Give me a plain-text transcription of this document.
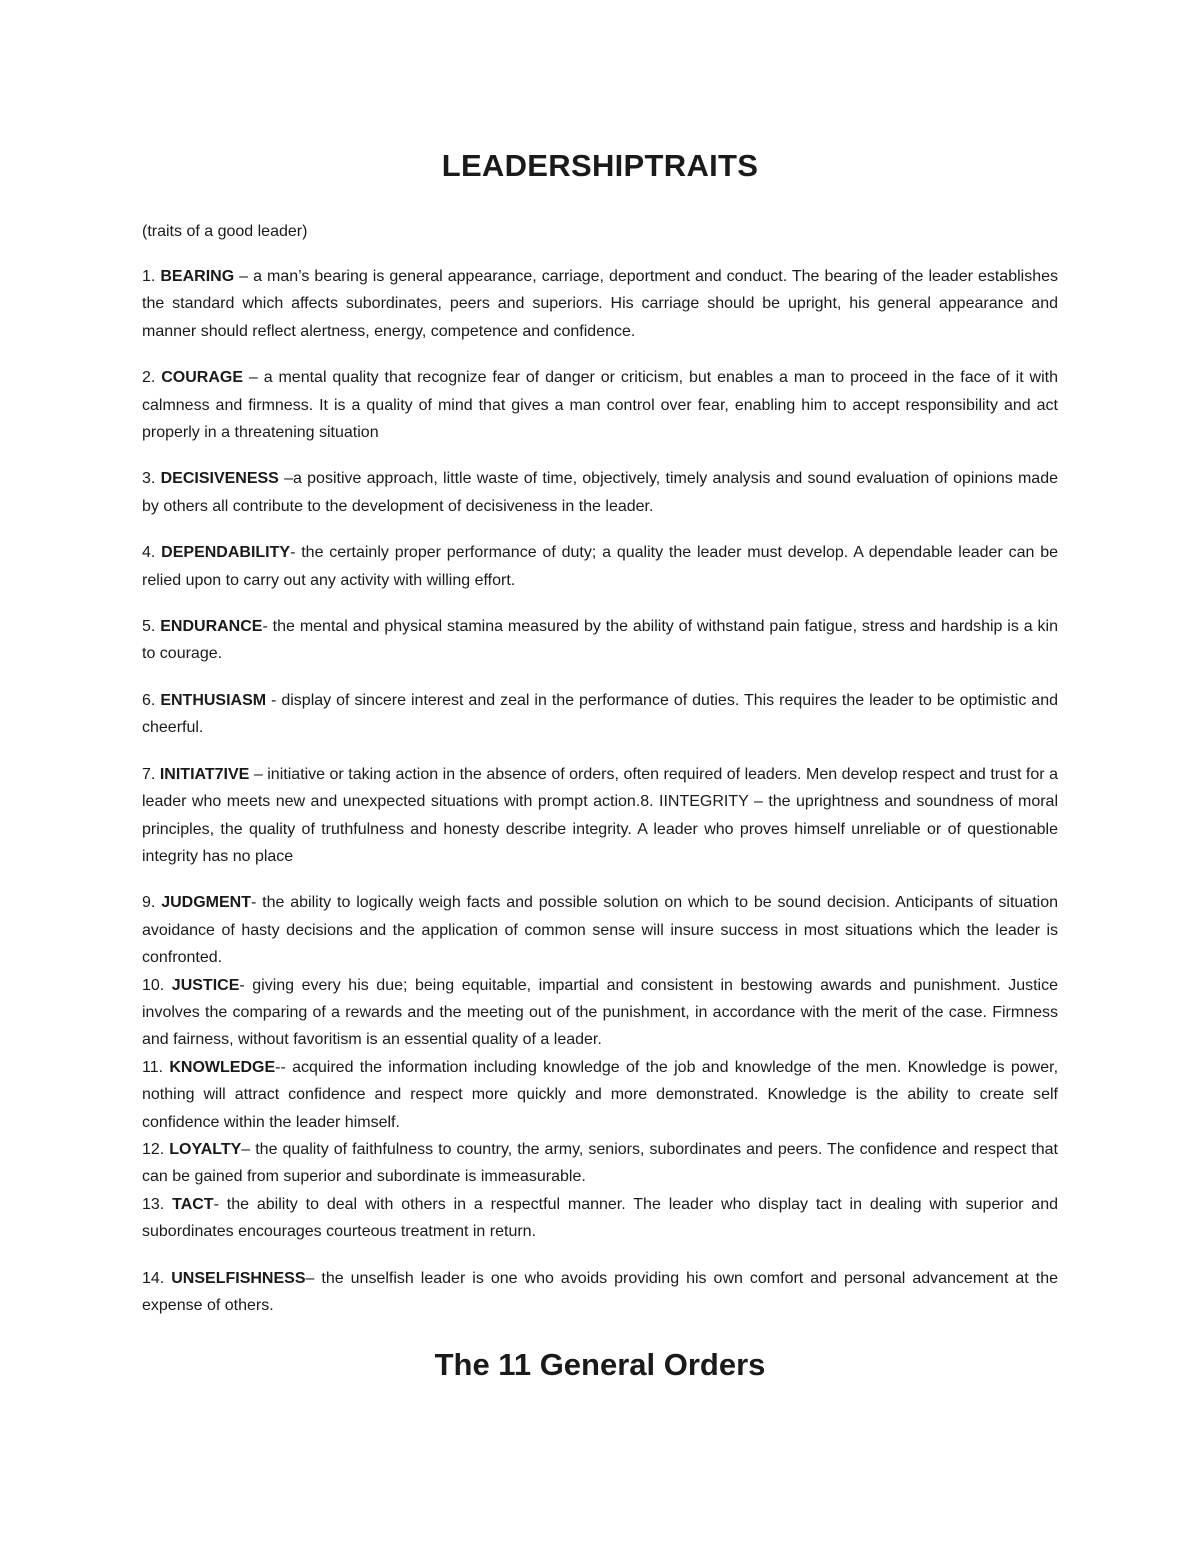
LEADERSHIPTRAITS

(traits of a good leader)

1. BEARING – a man’s bearing is general appearance, carriage, deportment and conduct. The bearing of the leader establishes the standard which affects subordinates, peers and superiors. His carriage should be upright, his general appearance and manner should reflect alertness, energy, competence and confidence.

2. COURAGE – a mental quality that recognize fear of danger or criticism, but enables a man to proceed in the face of it with calmness and firmness. It is a quality of mind that gives a man control over fear, enabling him to accept responsibility and act properly in a threatening situation

3. DECISIVENESS –a positive approach, little waste of time, objectively, timely analysis and sound evaluation of opinions made by others all contribute to the development of decisiveness in the leader.

4. DEPENDABILITY- the certainly proper performance of duty; a quality the leader must develop. A dependable leader can be relied upon to carry out any activity with willing effort.

5. ENDURANCE- the mental and physical stamina measured by the ability of withstand pain fatigue, stress and hardship is a kin to courage.

6. ENTHUSIASM - display of sincere interest and zeal in the performance of duties. This requires the leader to be optimistic and cheerful.

7. INITIAT7IVE – initiative or taking action in the absence of orders, often required of leaders. Men develop respect and trust for a leader who meets new and unexpected situations with prompt action.8. IINTEGRITY – the uprightness and soundness of moral principles, the quality of truthfulness and honesty describe integrity. A leader who proves himself unreliable or of questionable integrity has no place

9. JUDGMENT- the ability to logically weigh facts and possible solution on which to be sound decision. Anticipants of situation avoidance of hasty decisions and the application of common sense will insure success in most situations which the leader is confronted.

10. JUSTICE- giving every his due; being equitable, impartial and consistent in bestowing awards and punishment. Justice involves the comparing of a rewards and the meeting out of the punishment, in accordance with the merit of the case. Firmness and fairness, without favoritism is an essential quality of a leader.

11. KNOWLEDGE-- acquired the information including knowledge of the job and knowledge of the men. Knowledge is power, nothing will attract confidence and respect more quickly and more demonstrated. Knowledge is the ability to create self confidence within the leader himself.

12. LOYALTY– the quality of faithfulness to country, the army, seniors, subordinates and peers. The confidence and respect that can be gained from superior and subordinate is immeasurable.

13. TACT- the ability to deal with others in a respectful manner. The leader who display tact in dealing with superior and subordinates encourages courteous treatment in return.

14. UNSELFISHNESS– the unselfish leader is one who avoids providing his own comfort and personal advancement at the expense of others.

The 11 General Orders
